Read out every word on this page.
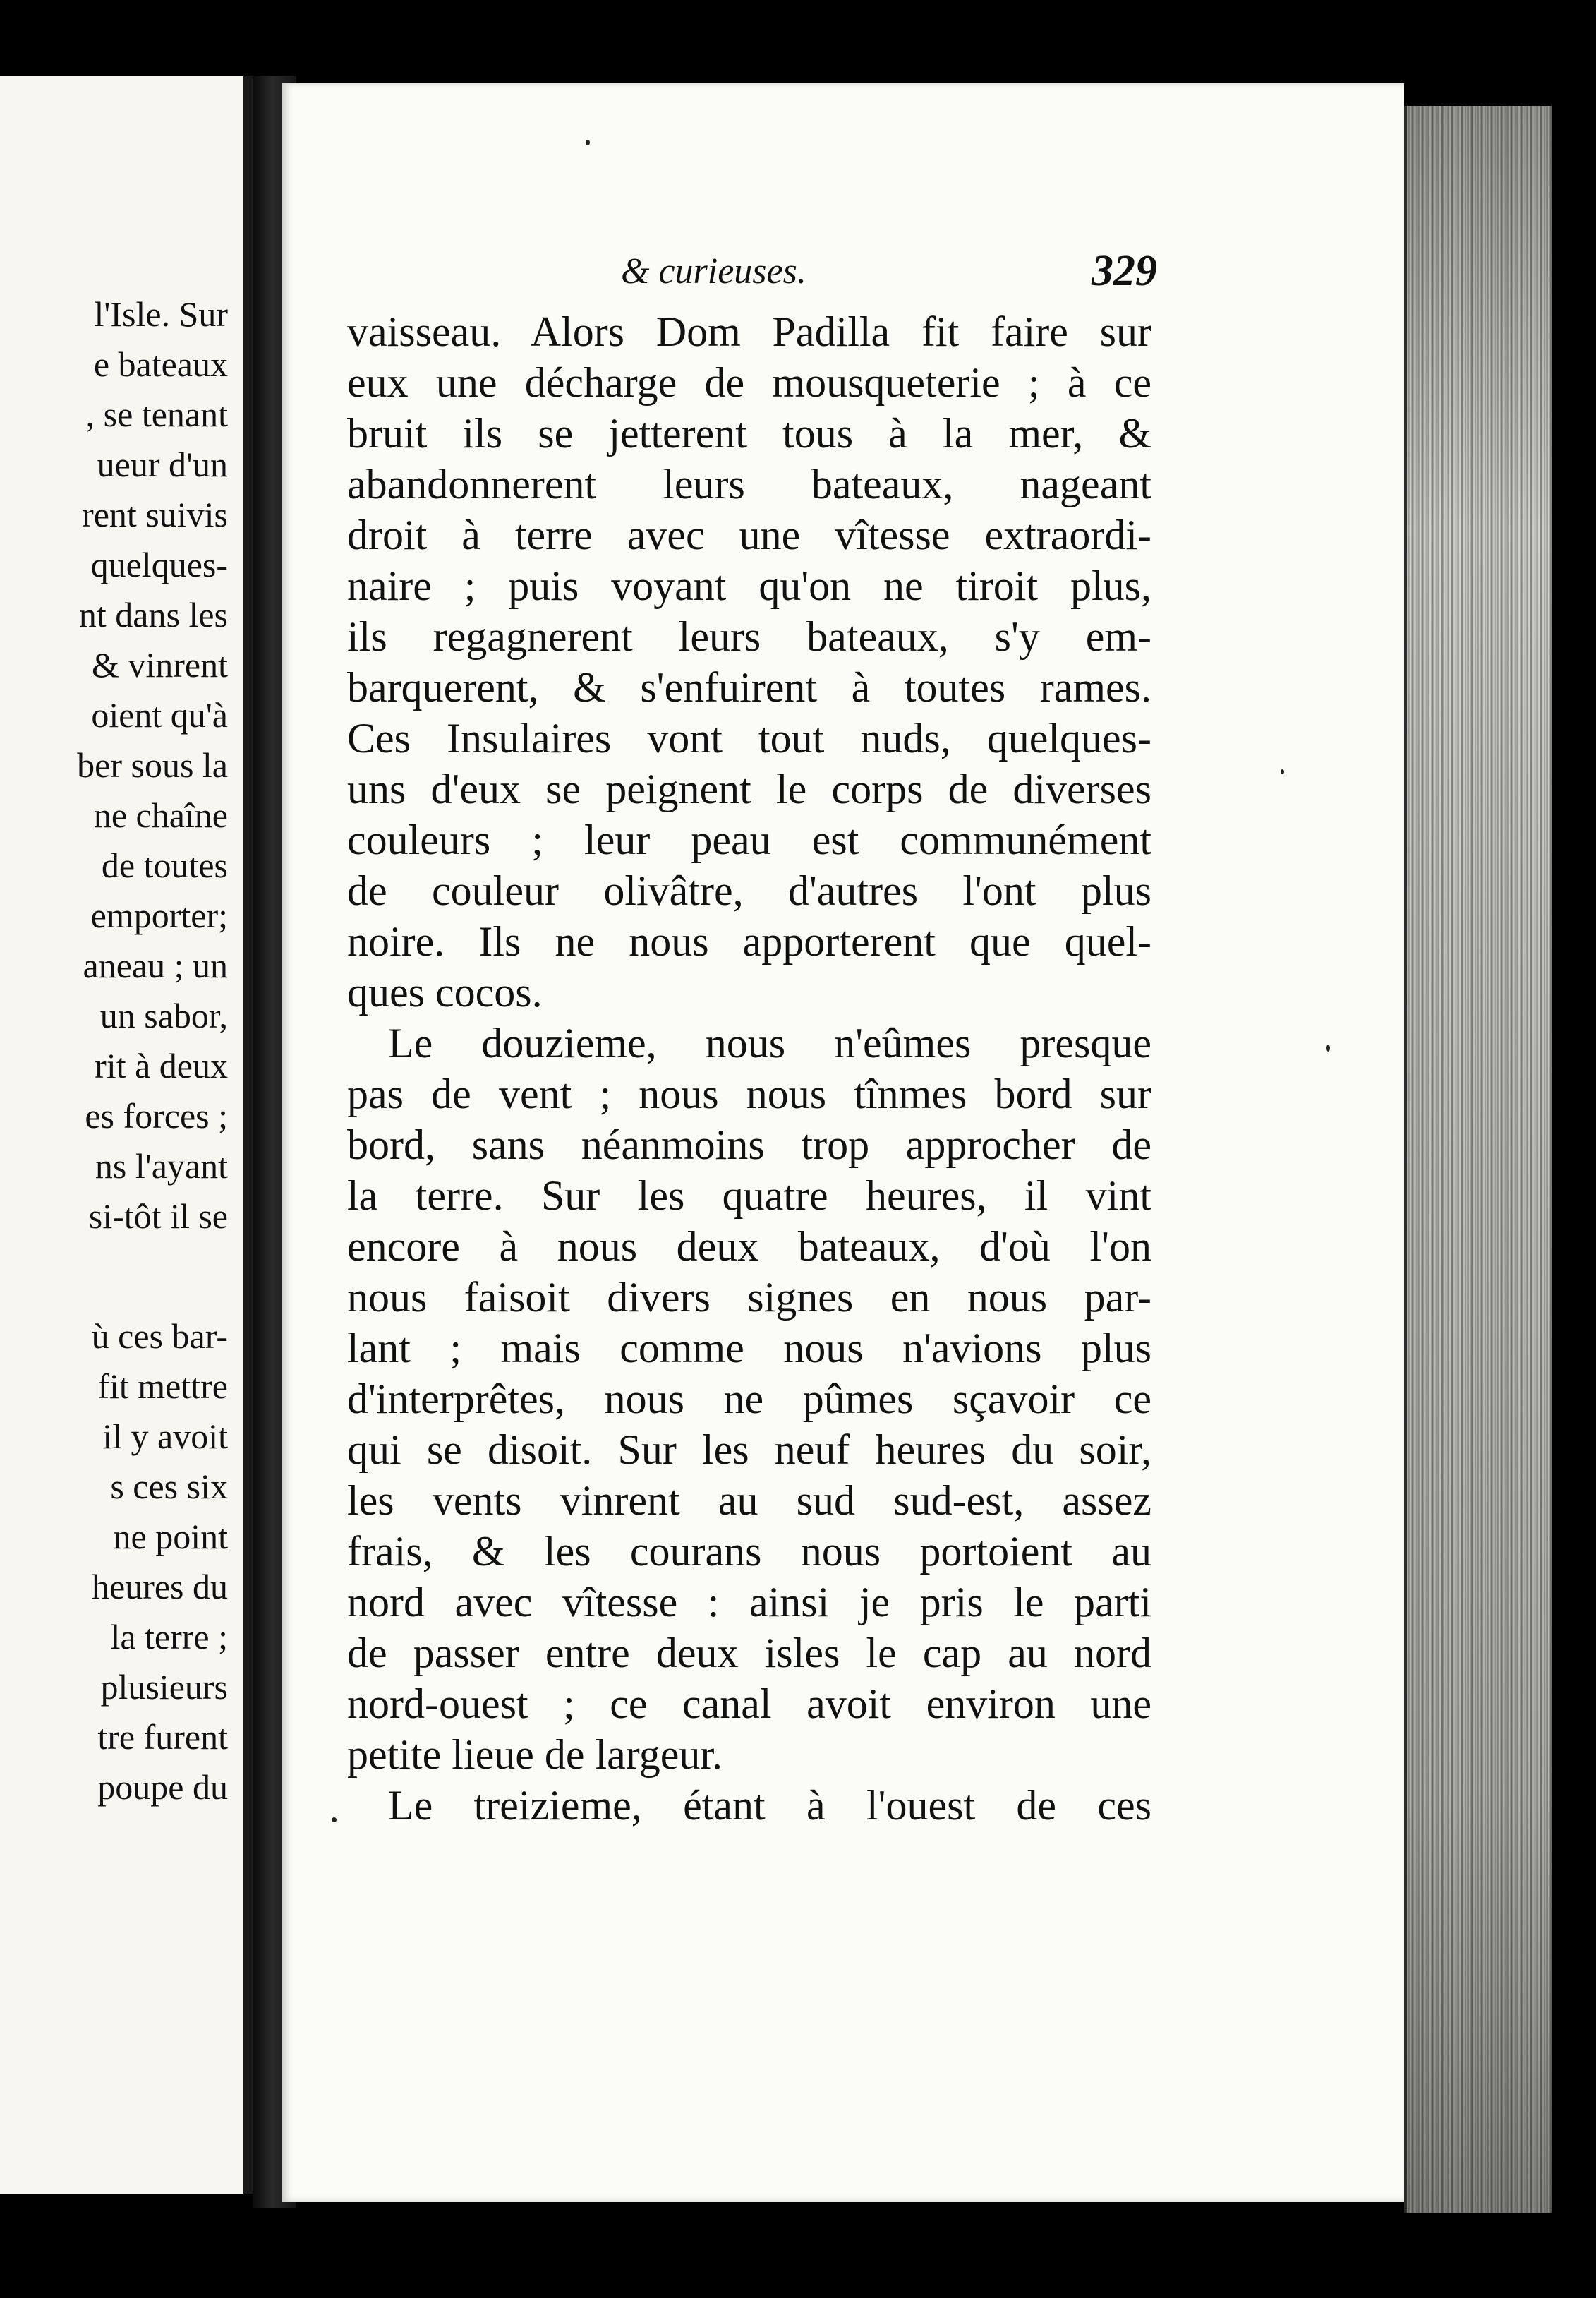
l'Isle. Sur
e bateaux
, se tenant
ueur d'un
rent suivis
quelques-
nt dans les
& vinrent
oient qu'à
ber sous la
ne chaîne
de toutes
emporter;
aneau ; un
un sabor,
rit à deux
es forces ;
ns l'ayant
si-tôt il se
ù ces bar-
fit mettre
il y avoit
s ces six
ne point
heures du
la terre ;
plusieurs
tre furent
poupe du
& curieuses.	329
vaisseau. Alors Dom Padilla fit faire sur
eux une décharge de mousqueterie ; à ce
bruit ils se jetterent tous à la mer, &
abandonnerent leurs bateaux, nageant
droit à terre avec une vîtesse extraordi-
naire ; puis voyant qu'on ne tiroit plus,
ils regagnerent leurs bateaux, s'y em-
barquerent, & s'enfuirent à toutes rames.
Ces Insulaires vont tout nuds, quelques-
uns d'eux se peignent le corps de diverses
couleurs ; leur peau est communément
de couleur olivâtre, d'autres l'ont plus
noire. Ils ne nous apporterent que quel-
ques cocos.
Le douzieme, nous n'eûmes presque
pas de vent ; nous nous tînmes bord sur
bord, sans néanmoins trop approcher de
la terre. Sur les quatre heures, il vint
encore à nous deux bateaux, d'où l'on
nous faisoit divers signes en nous par-
lant ; mais comme nous n'avions plus
d'interprêtes, nous ne pûmes sçavoir ce
qui se disoit. Sur les neuf heures du soir,
les vents vinrent au sud sud-est, assez
frais, & les courans nous portoient au
nord avec vîtesse : ainsi je pris le parti
de passer entre deux isles le cap au nord
nord-ouest ; ce canal avoit environ une
petite lieue de largeur.
Le treizieme, étant à l'ouest de ces
